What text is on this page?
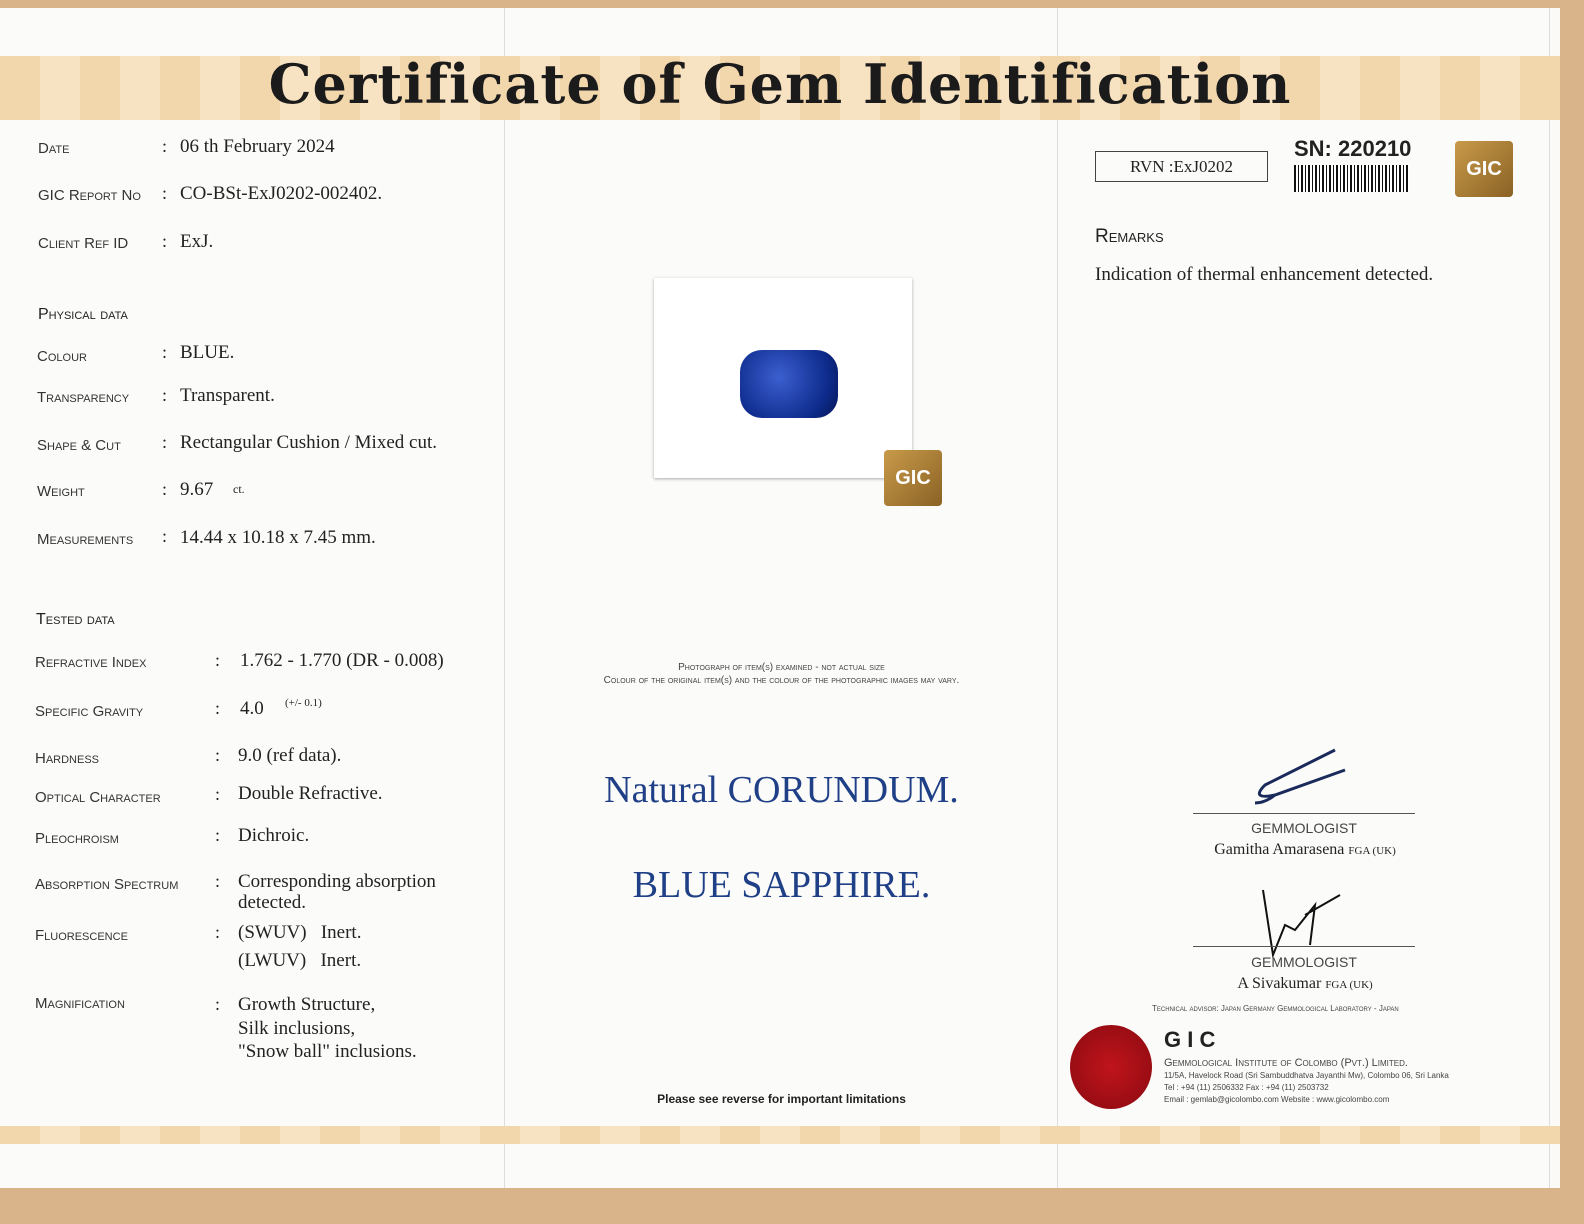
Certificate of Gem Identification
Date	: 06 th February 2024
GIC Report No : CO-BSt-ExJ0202-002402.
Client Ref ID : ExJ.
Physical data
Colour	: BLUE.
Transparency : Transparent.
Shape & Cut : Rectangular Cushion / Mixed cut.
Weight	: 9.67 ct.
Measurements : 14.44 x 10.18 x 7.45 mm.
Tested data
Refractive Index	: 1.762 - 1.770 (DR - 0.008)
Specific Gravity	: 4.0 (+/- 0.1)
Hardness	: 9.0 (ref data).
Optical Character	: Double Refractive.
Pleochroism	: Dichroic.
Absorption Spectrum : Corresponding absorption
detected.
Fluorescence	: (SWUV)   Inert.
(LWUV)   Inert.
Magnification	: Growth Structure,
Silk inclusions,
"Snow ball" inclusions.
GIC
Photograph of item(s) examined - not actual size
Colour of the original item(s) and the colour of the photographic images may vary.
Natural CORUNDUM.
BLUE SAPPHIRE.
Please see reverse for important limitations
RVN :ExJ0202
SN: 220210
GIC
Remarks
Indication of thermal enhancement detected.
GEMMOLOGIST
Gamitha Amarasena FGA (UK)
GEMMOLOGIST
A Sivakumar FGA (UK)
Technical advisor: Japan Germany Gemmological Laboratory - Japan
G I C
Gemmological Institute of Colombo (Pvt.) Limited.
11/5A, Havelock Road (Sri Sambuddhatva Jayanthi Mw), Colombo 06, Sri Lanka
Tel : +94 (11) 2506332 Fax : +94 (11) 2503732
Email : gemlab@gicolombo.com Website : www.gicolombo.com
